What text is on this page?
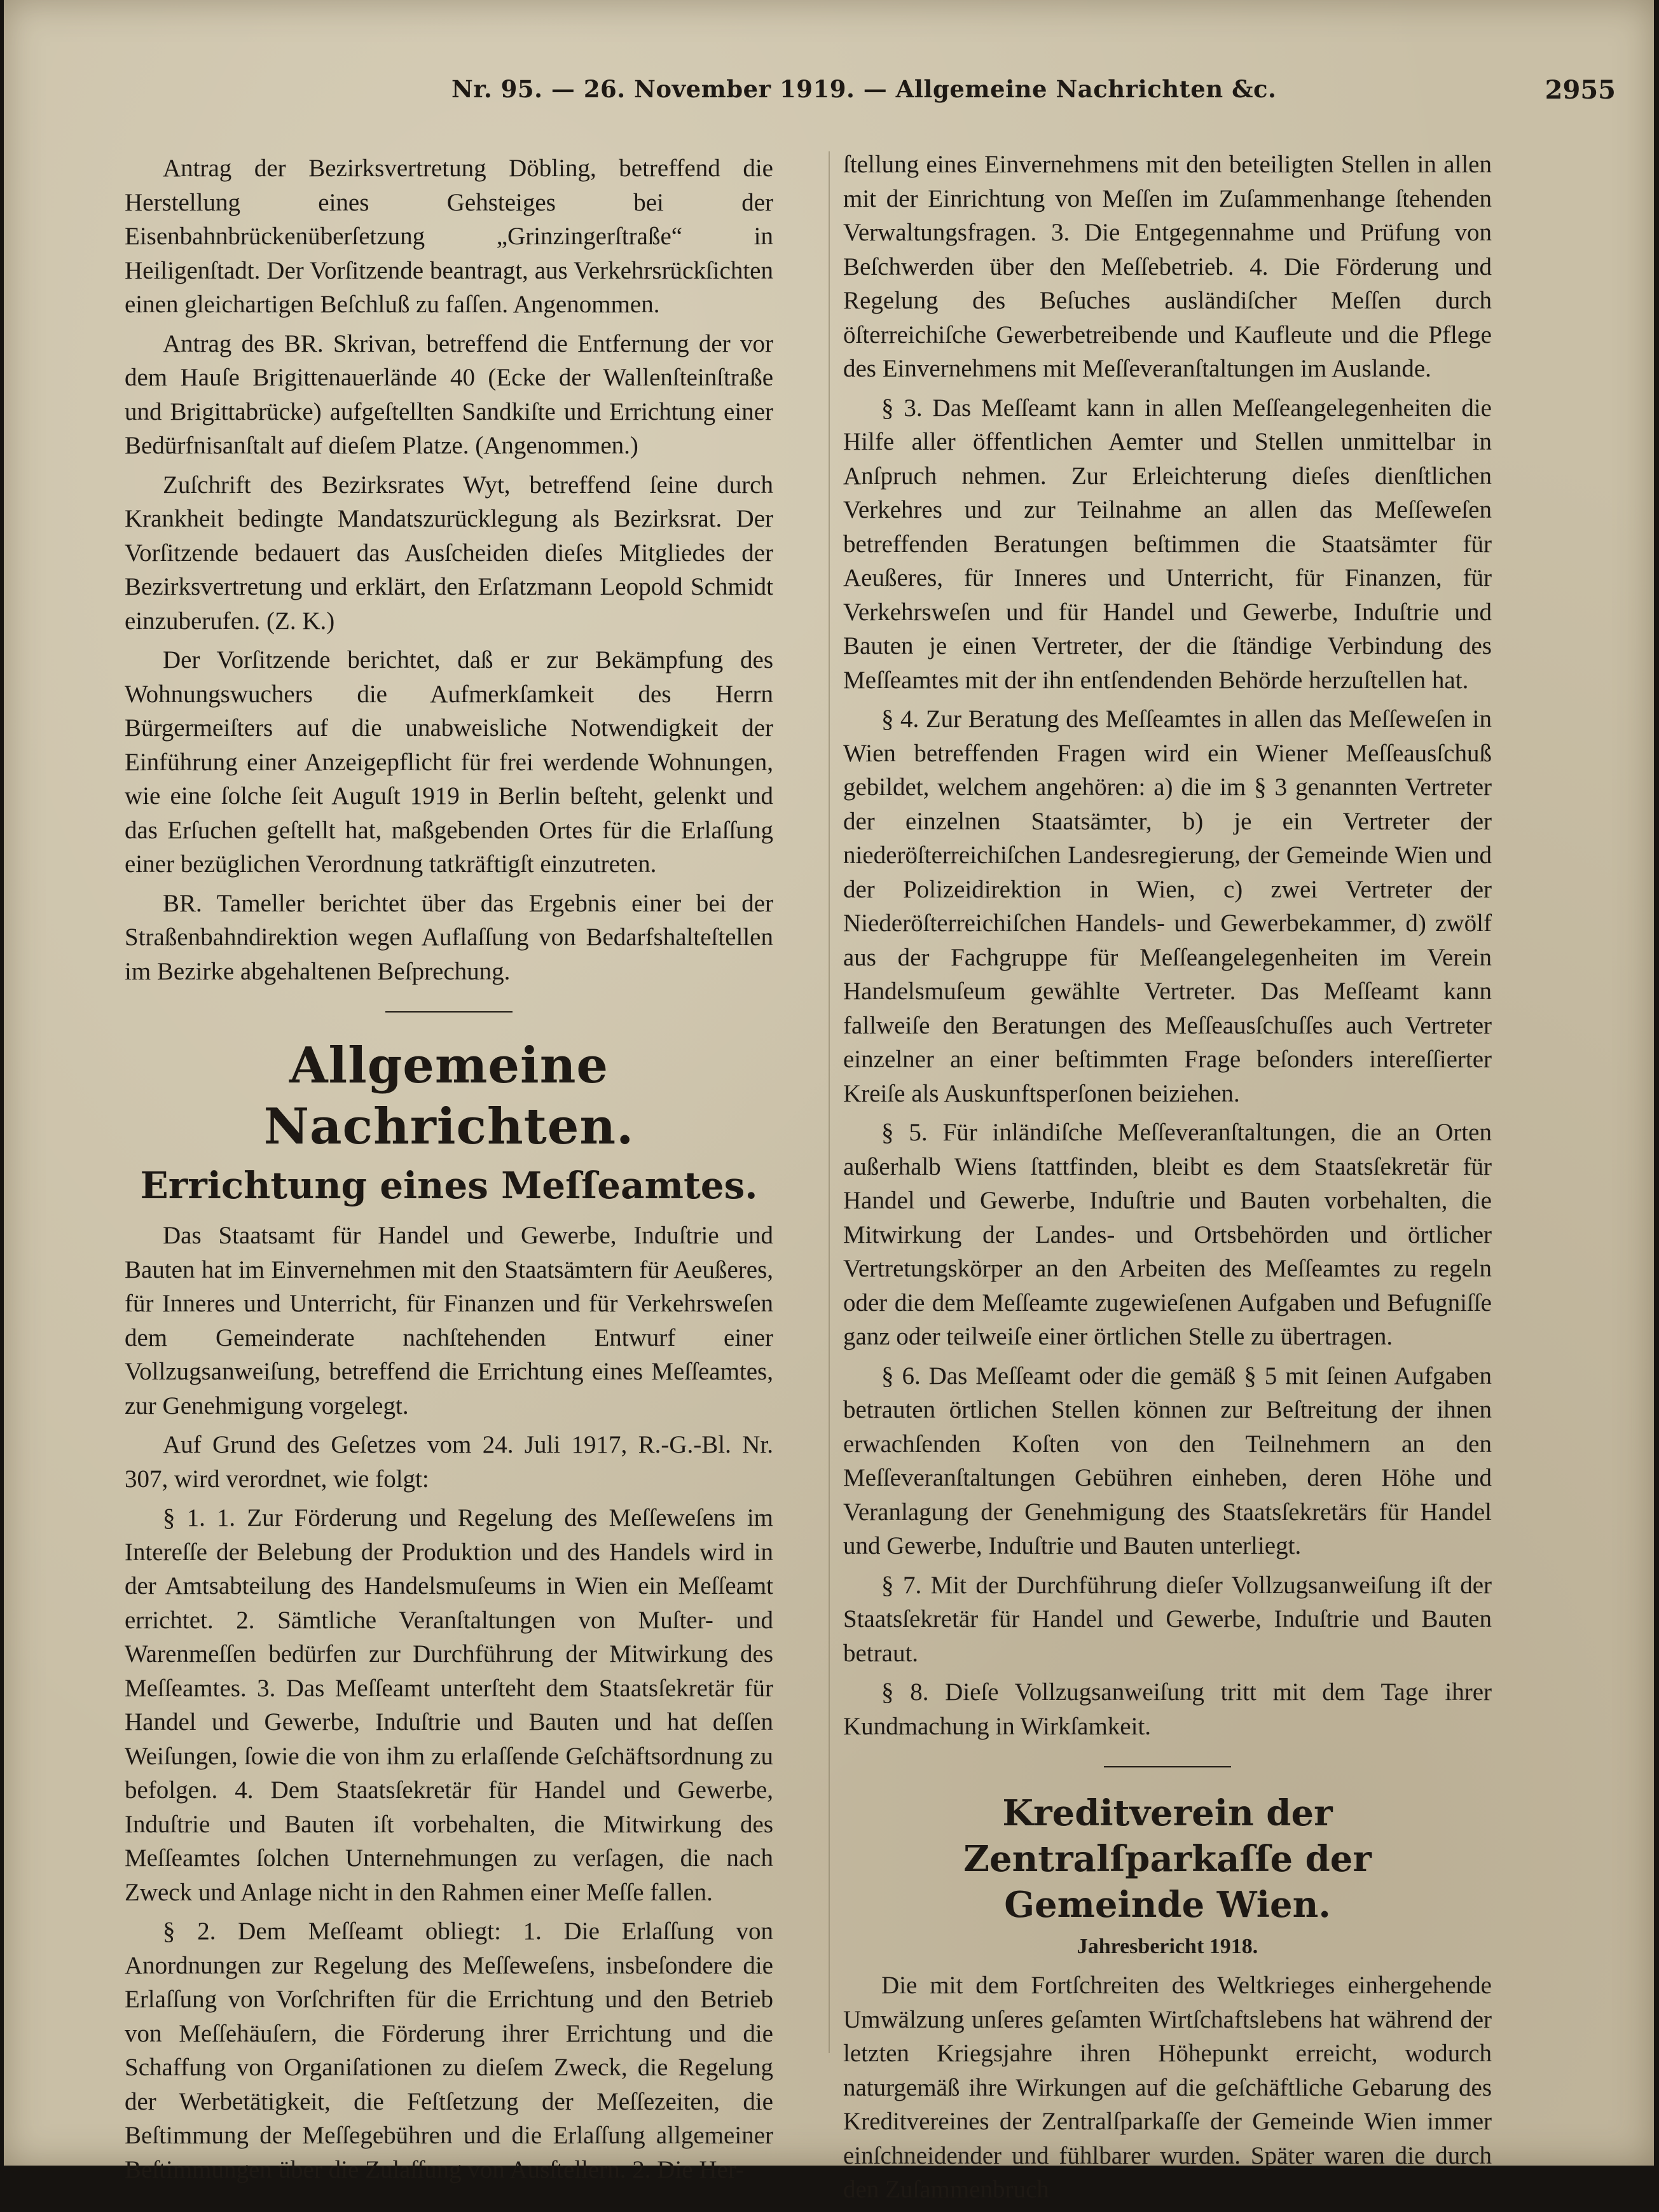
Nr. 95. — 26. November 1919. — Allgemeine Nachrichten &c.	2955

Antrag der Bezirksvertretung Döbling, betreffend die Herstellung eines Gehsteiges bei der Eisenbahnbrückenüberſetzung „Grinzingerſtraße“ in Heiligenſtadt. Der Vorſitzende beantragt, aus Verkehrsrückſichten einen gleichartigen Beſchluß zu faſſen. Angenommen.

Antrag des BR. Skrivan, betreffend die Entfernung der vor dem Hauſe Brigittenauerlände 40 (Ecke der Wallenſteinſtraße und Brigittabrücke) aufgeſtellten Sandkiſte und Errichtung einer Bedürfnisanſtalt auf dieſem Platze. (Angenommen.)

Zuſchrift des Bezirksrates Wyt, betreffend ſeine durch Krankheit bedingte Mandatszurücklegung als Bezirksrat. Der Vorſitzende bedauert das Ausſcheiden dieſes Mitgliedes der Bezirksvertretung und erklärt, den Erſatzmann Leopold Schmidt einzuberufen. (Z. K.)

Der Vorſitzende berichtet, daß er zur Bekämpfung des Wohnungswuchers die Aufmerkſamkeit des Herrn Bürgermeiſters auf die unabweisliche Notwendigkeit der Einführung einer Anzeigepflicht für frei werdende Wohnungen, wie eine ſolche ſeit Auguſt 1919 in Berlin beſteht, gelenkt und das Erſuchen geſtellt hat, maßgebenden Ortes für die Erlaſſung einer bezüglichen Verordnung tatkräftigſt einzutreten.

BR. Tameller berichtet über das Ergebnis einer bei der Straßenbahndirektion wegen Auflaſſung von Bedarfshalteſtellen im Bezirke abgehaltenen Beſprechung.

Allgemeine Nachrichten.
Errichtung eines Meſſeamtes.

Das Staatsamt für Handel und Gewerbe, Induſtrie und Bauten hat im Einvernehmen mit den Staatsämtern für Aeußeres, für Inneres und Unterricht, für Finanzen und für Verkehrsweſen dem Gemeinderate nachſtehenden Entwurf einer Vollzugsanweiſung, betreffend die Errichtung eines Meſſeamtes, zur Genehmigung vorgelegt.

Auf Grund des Geſetzes vom 24. Juli 1917, R.-G.-Bl. Nr. 307, wird verordnet, wie folgt:

§ 1. 1. Zur Förderung und Regelung des Meſſeweſens im Intereſſe der Belebung der Produktion und des Handels wird in der Amtsabteilung des Handelsmuſeums in Wien ein Meſſeamt errichtet. 2. Sämtliche Veranſtaltungen von Muſter- und Warenmeſſen bedürfen zur Durchführung der Mitwirkung des Meſſeamtes. 3. Das Meſſeamt unterſteht dem Staatsſekretär für Handel und Gewerbe, Induſtrie und Bauten und hat deſſen Weiſungen, ſowie die von ihm zu erlaſſende Geſchäftsordnung zu befolgen. 4. Dem Staatsſekretär für Handel und Gewerbe, Induſtrie und Bauten iſt vorbehalten, die Mitwirkung des Meſſeamtes ſolchen Unternehmungen zu verſagen, die nach Zweck und Anlage nicht in den Rahmen einer Meſſe fallen.

§ 2. Dem Meſſeamt obliegt: 1. Die Erlaſſung von Anordnungen zur Regelung des Meſſeweſens, insbeſondere die Erlaſſung von Vorſchriften für die Errichtung und den Betrieb von Meſſehäuſern, die Förderung ihrer Errichtung und die Schaffung von Organiſationen zu dieſem Zweck, die Regelung der Werbetätigkeit, die Feſtſetzung der Meſſezeiten, die Beſtimmung der Meſſegebühren und die Erlaſſung allgemeiner Beſtimmungen über die Zulaſſung von Ausſtellern. 2. Die Her-

ſtellung eines Einvernehmens mit den beteiligten Stellen in allen mit der Einrichtung von Meſſen im Zuſammenhange ſtehenden Verwaltungsfragen. 3. Die Entgegennahme und Prüfung von Beſchwerden über den Meſſebetrieb. 4. Die Förderung und Regelung des Beſuches ausländiſcher Meſſen durch öſterreichiſche Gewerbetreibende und Kaufleute und die Pflege des Einvernehmens mit Meſſeveranſtaltungen im Auslande.

§ 3. Das Meſſeamt kann in allen Meſſeangelegenheiten die Hilfe aller öffentlichen Aemter und Stellen unmittelbar in Anſpruch nehmen. Zur Erleichterung dieſes dienſtlichen Verkehres und zur Teilnahme an allen das Meſſeweſen betreffenden Beratungen beſtimmen die Staatsämter für Aeußeres, für Inneres und Unterricht, für Finanzen, für Verkehrsweſen und für Handel und Gewerbe, Induſtrie und Bauten je einen Vertreter, der die ſtändige Verbindung des Meſſeamtes mit der ihn entſendenden Behörde herzuſtellen hat.

§ 4. Zur Beratung des Meſſeamtes in allen das Meſſeweſen in Wien betreffenden Fragen wird ein Wiener Meſſeausſchuß gebildet, welchem angehören: a) die im § 3 genannten Vertreter der einzelnen Staatsämter, b) je ein Vertreter der niederöſterreichiſchen Landesregierung, der Gemeinde Wien und der Polizeidirektion in Wien, c) zwei Vertreter der Niederöſterreichiſchen Handels- und Gewerbekammer, d) zwölf aus der Fachgruppe für Meſſeangelegenheiten im Verein Handelsmuſeum gewählte Vertreter. Das Meſſeamt kann fallweiſe den Beratungen des Meſſeausſchuſſes auch Vertreter einzelner an einer beſtimmten Frage beſonders intereſſierter Kreiſe als Auskunftsperſonen beiziehen.

§ 5. Für inländiſche Meſſeveranſtaltungen, die an Orten außerhalb Wiens ſtattfinden, bleibt es dem Staatsſekretär für Handel und Gewerbe, Induſtrie und Bauten vorbehalten, die Mitwirkung der Landes- und Ortsbehörden und örtlicher Vertretungskörper an den Arbeiten des Meſſeamtes zu regeln oder die dem Meſſeamte zugewieſenen Aufgaben und Befugniſſe ganz oder teilweiſe einer örtlichen Stelle zu übertragen.

§ 6. Das Meſſeamt oder die gemäß § 5 mit ſeinen Aufgaben betrauten örtlichen Stellen können zur Beſtreitung der ihnen erwachſenden Koſten von den Teilnehmern an den Meſſeveranſtaltungen Gebühren einheben, deren Höhe und Veranlagung der Genehmigung des Staatsſekretärs für Handel und Gewerbe, Induſtrie und Bauten unterliegt.

§ 7. Mit der Durchführung dieſer Vollzugsanweiſung iſt der Staatsſekretär für Handel und Gewerbe, Induſtrie und Bauten betraut.

§ 8. Dieſe Vollzugsanweiſung tritt mit dem Tage ihrer Kundmachung in Wirkſamkeit.

Kreditverein der Zentralſparkaſſe der
Gemeinde Wien.
Jahresbericht 1918.

Die mit dem Fortſchreiten des Weltkrieges einhergehende Umwälzung unſeres geſamten Wirtſchaftslebens hat während der letzten Kriegsjahre ihren Höhepunkt erreicht, wodurch naturgemäß ihre Wirkungen auf die geſchäftliche Gebarung des Kreditvereines der Zentralſparkaſſe der Gemeinde Wien immer einſchneidender und fühlbarer wurden. Später waren die durch den Zuſammenbruch
